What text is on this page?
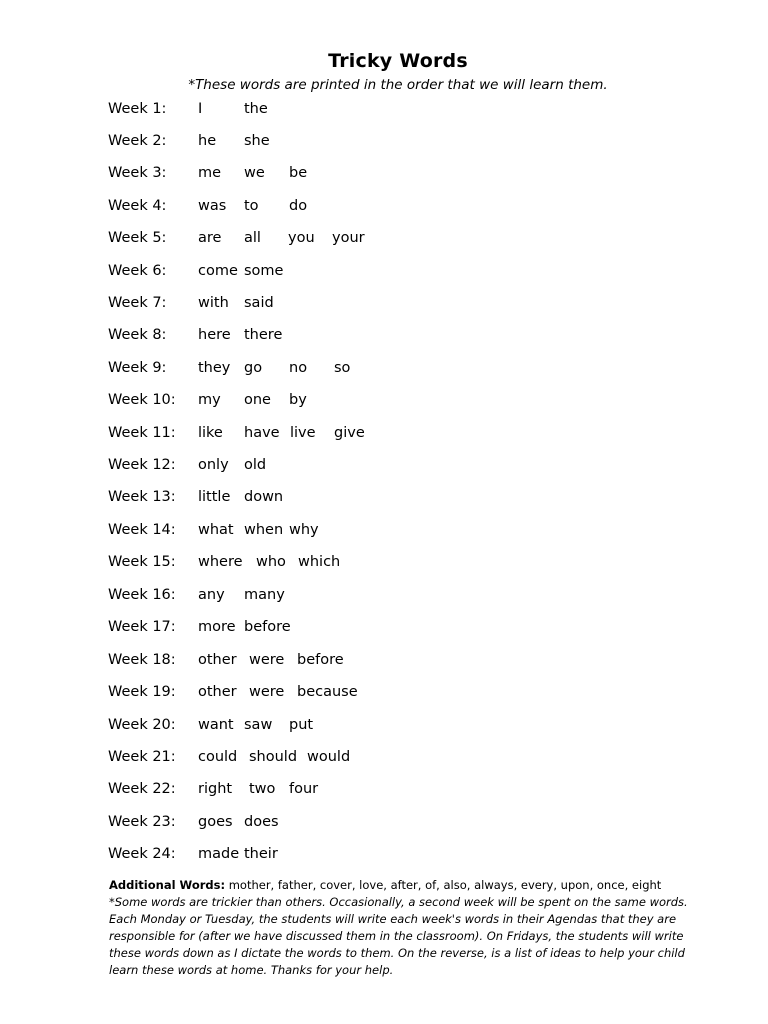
Tricky Words
*These words are printed in the order that we will learn them.
Week 1: I	the
Week 2: he she
Week 3: me we be
Week 4: was to do
Week 5: are all you your
Week 6: come some
Week 7: with said
Week 8: here there
Week 9: they go no so
Week 10: my one by
Week 11: like have live give
Week 12: only old
Week 13: little down
Week 14: what when why
Week 15: where who which
Week 16: any many
Week 17: more before
Week 18: other were before
Week 19: other were because
Week 20: want saw put
Week 21: could should would
Week 22: right two four
Week 23: goes does
Week 24: made their
Additional Words: mother, father, cover, love, after, of, also, always, every, upon, once, eight
*Some words are trickier than others. Occasionally, a second week will be spent on the same words. Each Monday or Tuesday, the students will write each week's words in their Agendas that they are responsible for (after we have discussed them in the classroom). On Fridays, the students will write these words down as I dictate the words to them. On the reverse, is a list of ideas to help your child learn these words at home. Thanks for your help.
